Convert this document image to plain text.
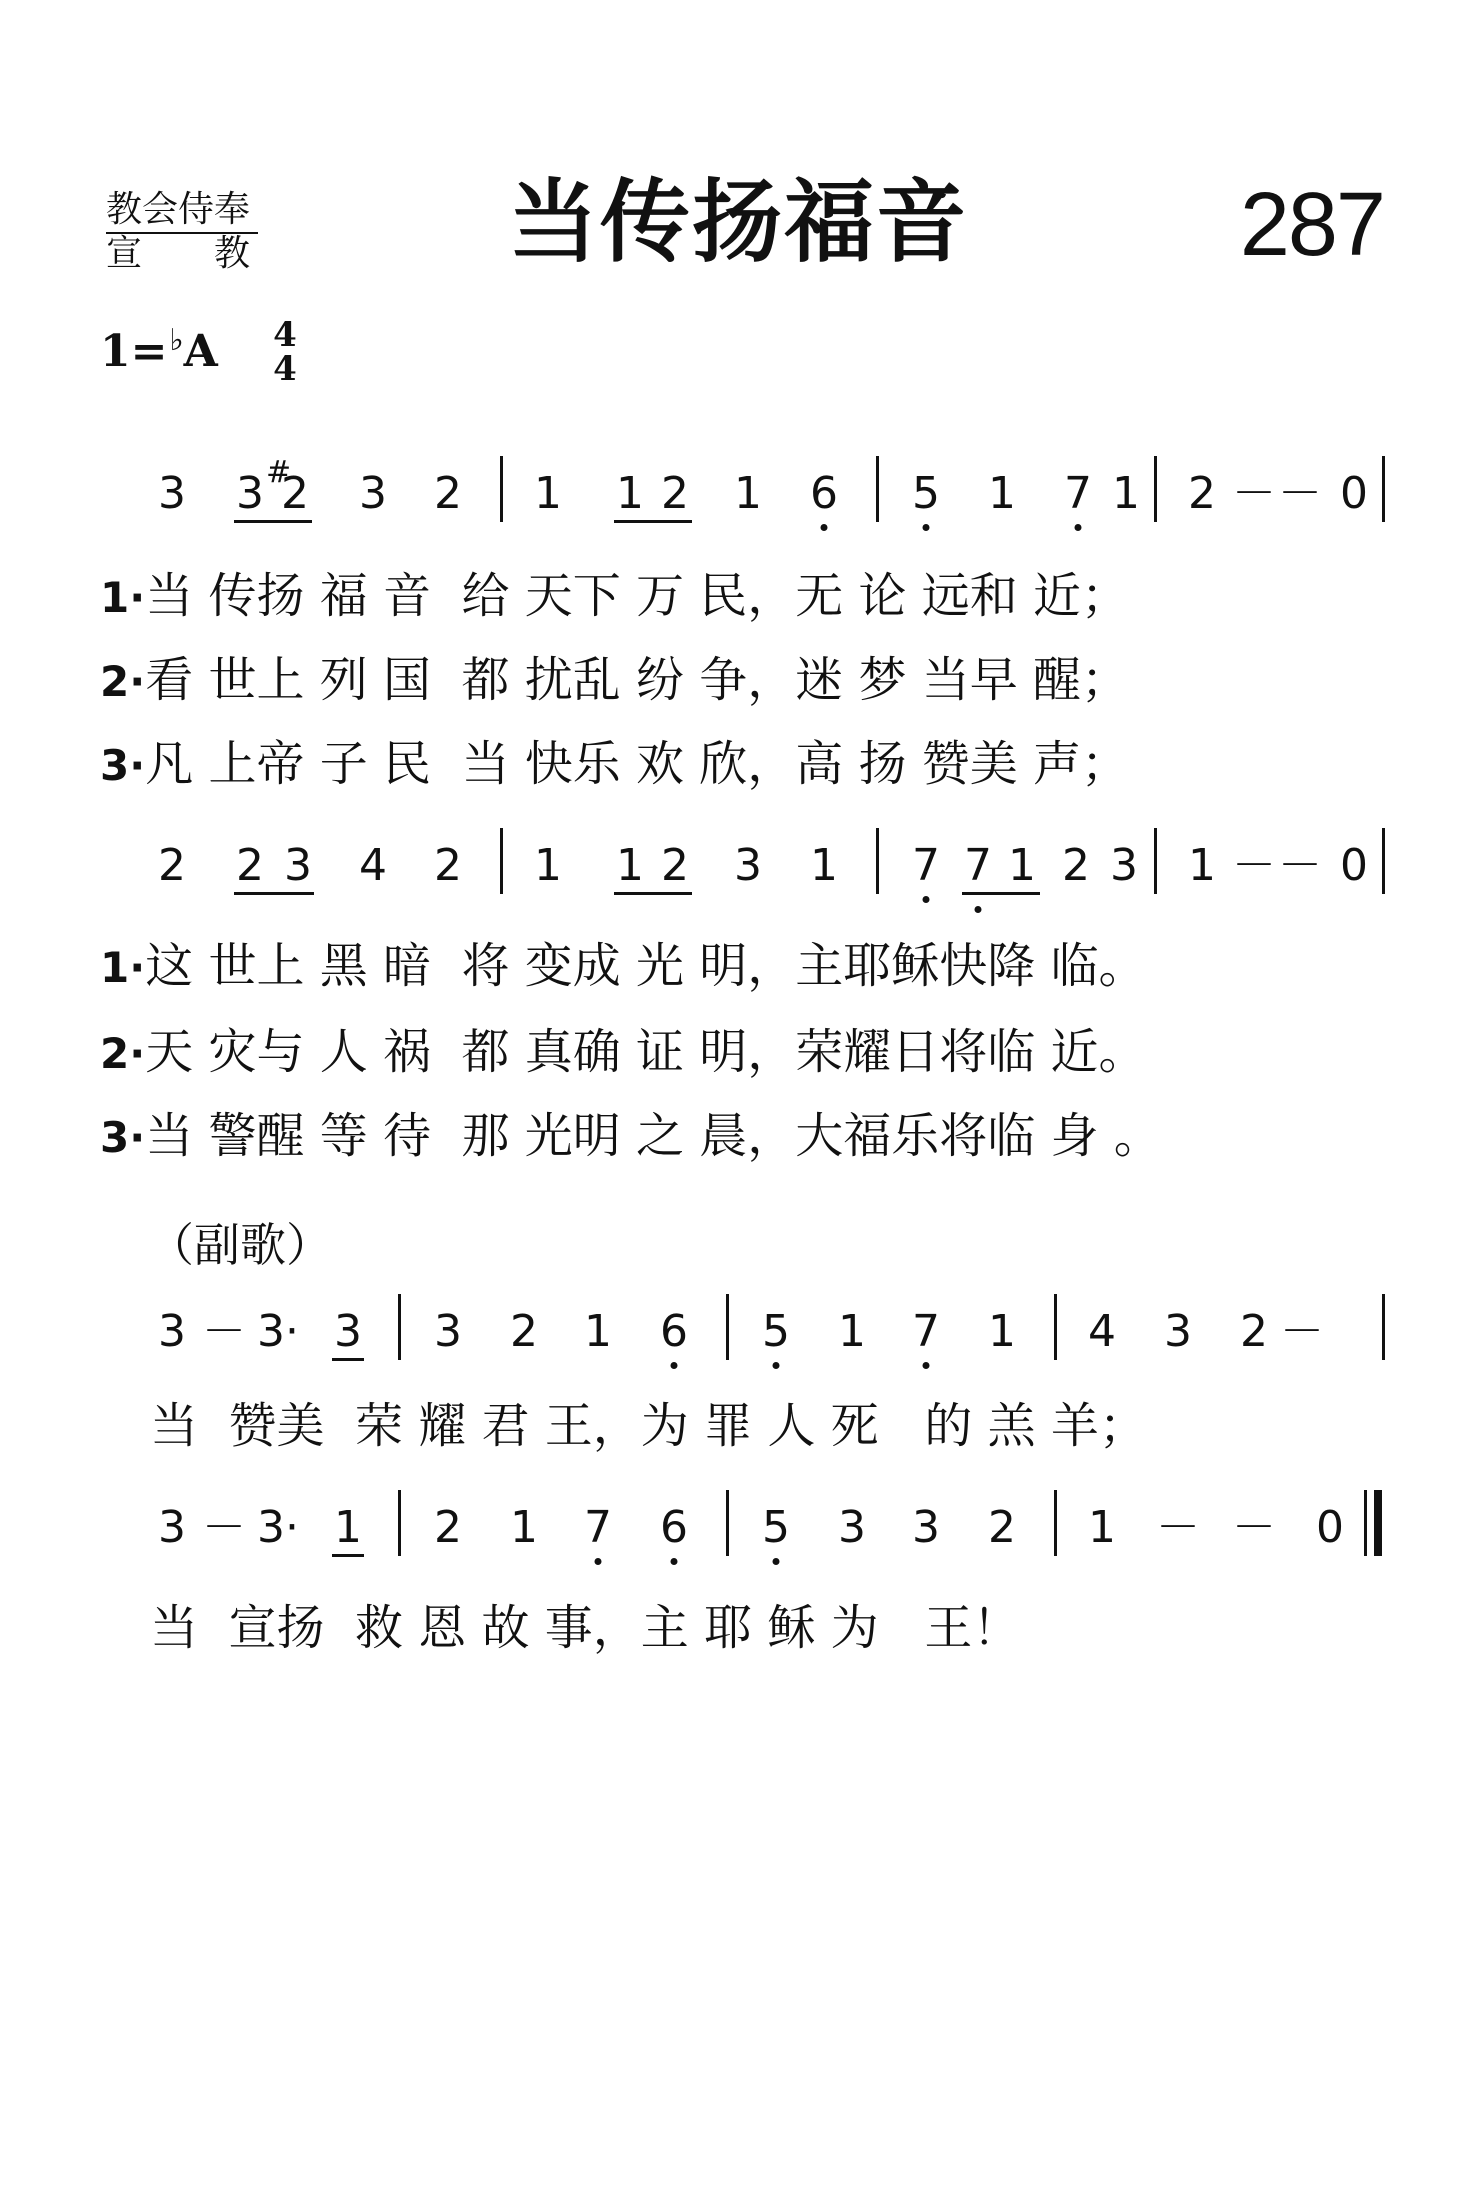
教会侍奉
宣　　教	当传扬福音	287
1=♭A 4
4
3 3 #
2 3 2 1 1 2 1 6 5 1 7 1 2 － － 0
1·当 传扬 福 音  给 天下 万 民，无 论 远和 近；
2·看 世上 列 国  都 扰乱 纷 争，迷 梦 当早 醒；
3·凡 上帝 子 民  当 快乐 欢 欣，高 扬 赞美 声；
2 2 3 4 2 1 1 2 3 1 7 7 1 2 3 1 － － 0
1·这 世上 黑 暗  将 变成 光 明，主耶稣快降 临。
2·天 灾与 人 祸  都 真确 证 明，荣耀日将临 近。
3·当 警醒 等 待  那 光明 之 晨，大福乐将临 身 。
（副歌）
3 － 3· 3 3 2 1 6 5 1 7 1 4 3 2 －
当  赞美  荣 耀 君 王，为 罪 人 死   的 羔 羊；
3 － 3· 1 2 1 7 6 5 3 3 2 1 － － 0
当  宣扬  救 恩 故 事，主 耶 稣 为   王！
